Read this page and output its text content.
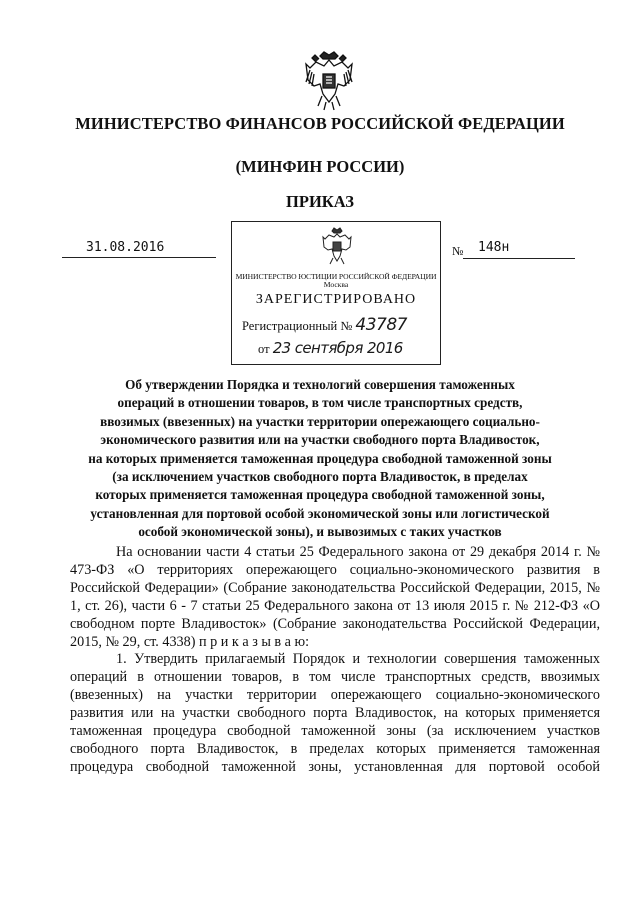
МИНИСТЕРСТВО ФИНАНСОВ РОССИЙСКОЙ ФЕДЕРАЦИИ
(МИНФИН РОССИИ)
ПРИКАЗ
31.08.2016	№ 148н
МИНИСТЕРСТВО ЮСТИЦИИ РОССИЙСКОЙ ФЕДЕРАЦИИ
Москва
ЗАРЕГИСТРИРОВАНО
Регистрационный № 43787
от 23 сентября 2016
Об утверждении Порядка и технологий совершения таможенных
операций в отношении товаров, в том числе транспортных средств,
ввозимых (ввезенных) на участки территории опережающего социально-
экономического развития или на участки свободного порта Владивосток,
на которых применяется таможенная процедура свободной таможенной зоны
(за исключением участков свободного порта Владивосток, в пределах
которых применяется таможенная процедура свободной таможенной зоны,
установленная для портовой особой экономической зоны или логистической
особой экономической зоны), и вывозимых с таких участков

На основании части 4 статьи 25 Федерального закона от 29 декабря 2014 г. № 473-ФЗ «О территориях опережающего социально-экономического развития в Российской Федерации» (Собрание законодательства Российской Федерации, 2015, № 1, ст. 26), части 6 - 7 статьи 25 Федерального закона от 13 июля 2015 г. № 212-ФЗ «О свободном порте Владивосток» (Собрание законодательства Российской Федерации, 2015, № 29, ст. 4338) п р и к а з ы в а ю:

1. Утвердить прилагаемый Порядок и технологии совершения таможенных операций в отношении товаров, в том числе транспортных средств, ввозимых (ввезенных) на участки территории опережающего социально-экономического развития или на участки свободного порта Владивосток, на которых применяется таможенная процедура свободной таможенной зоны (за исключением участков свободного порта Владивосток, в пределах которых применяется таможенная процедура свободной таможенной зоны, установленная для портовой особой
